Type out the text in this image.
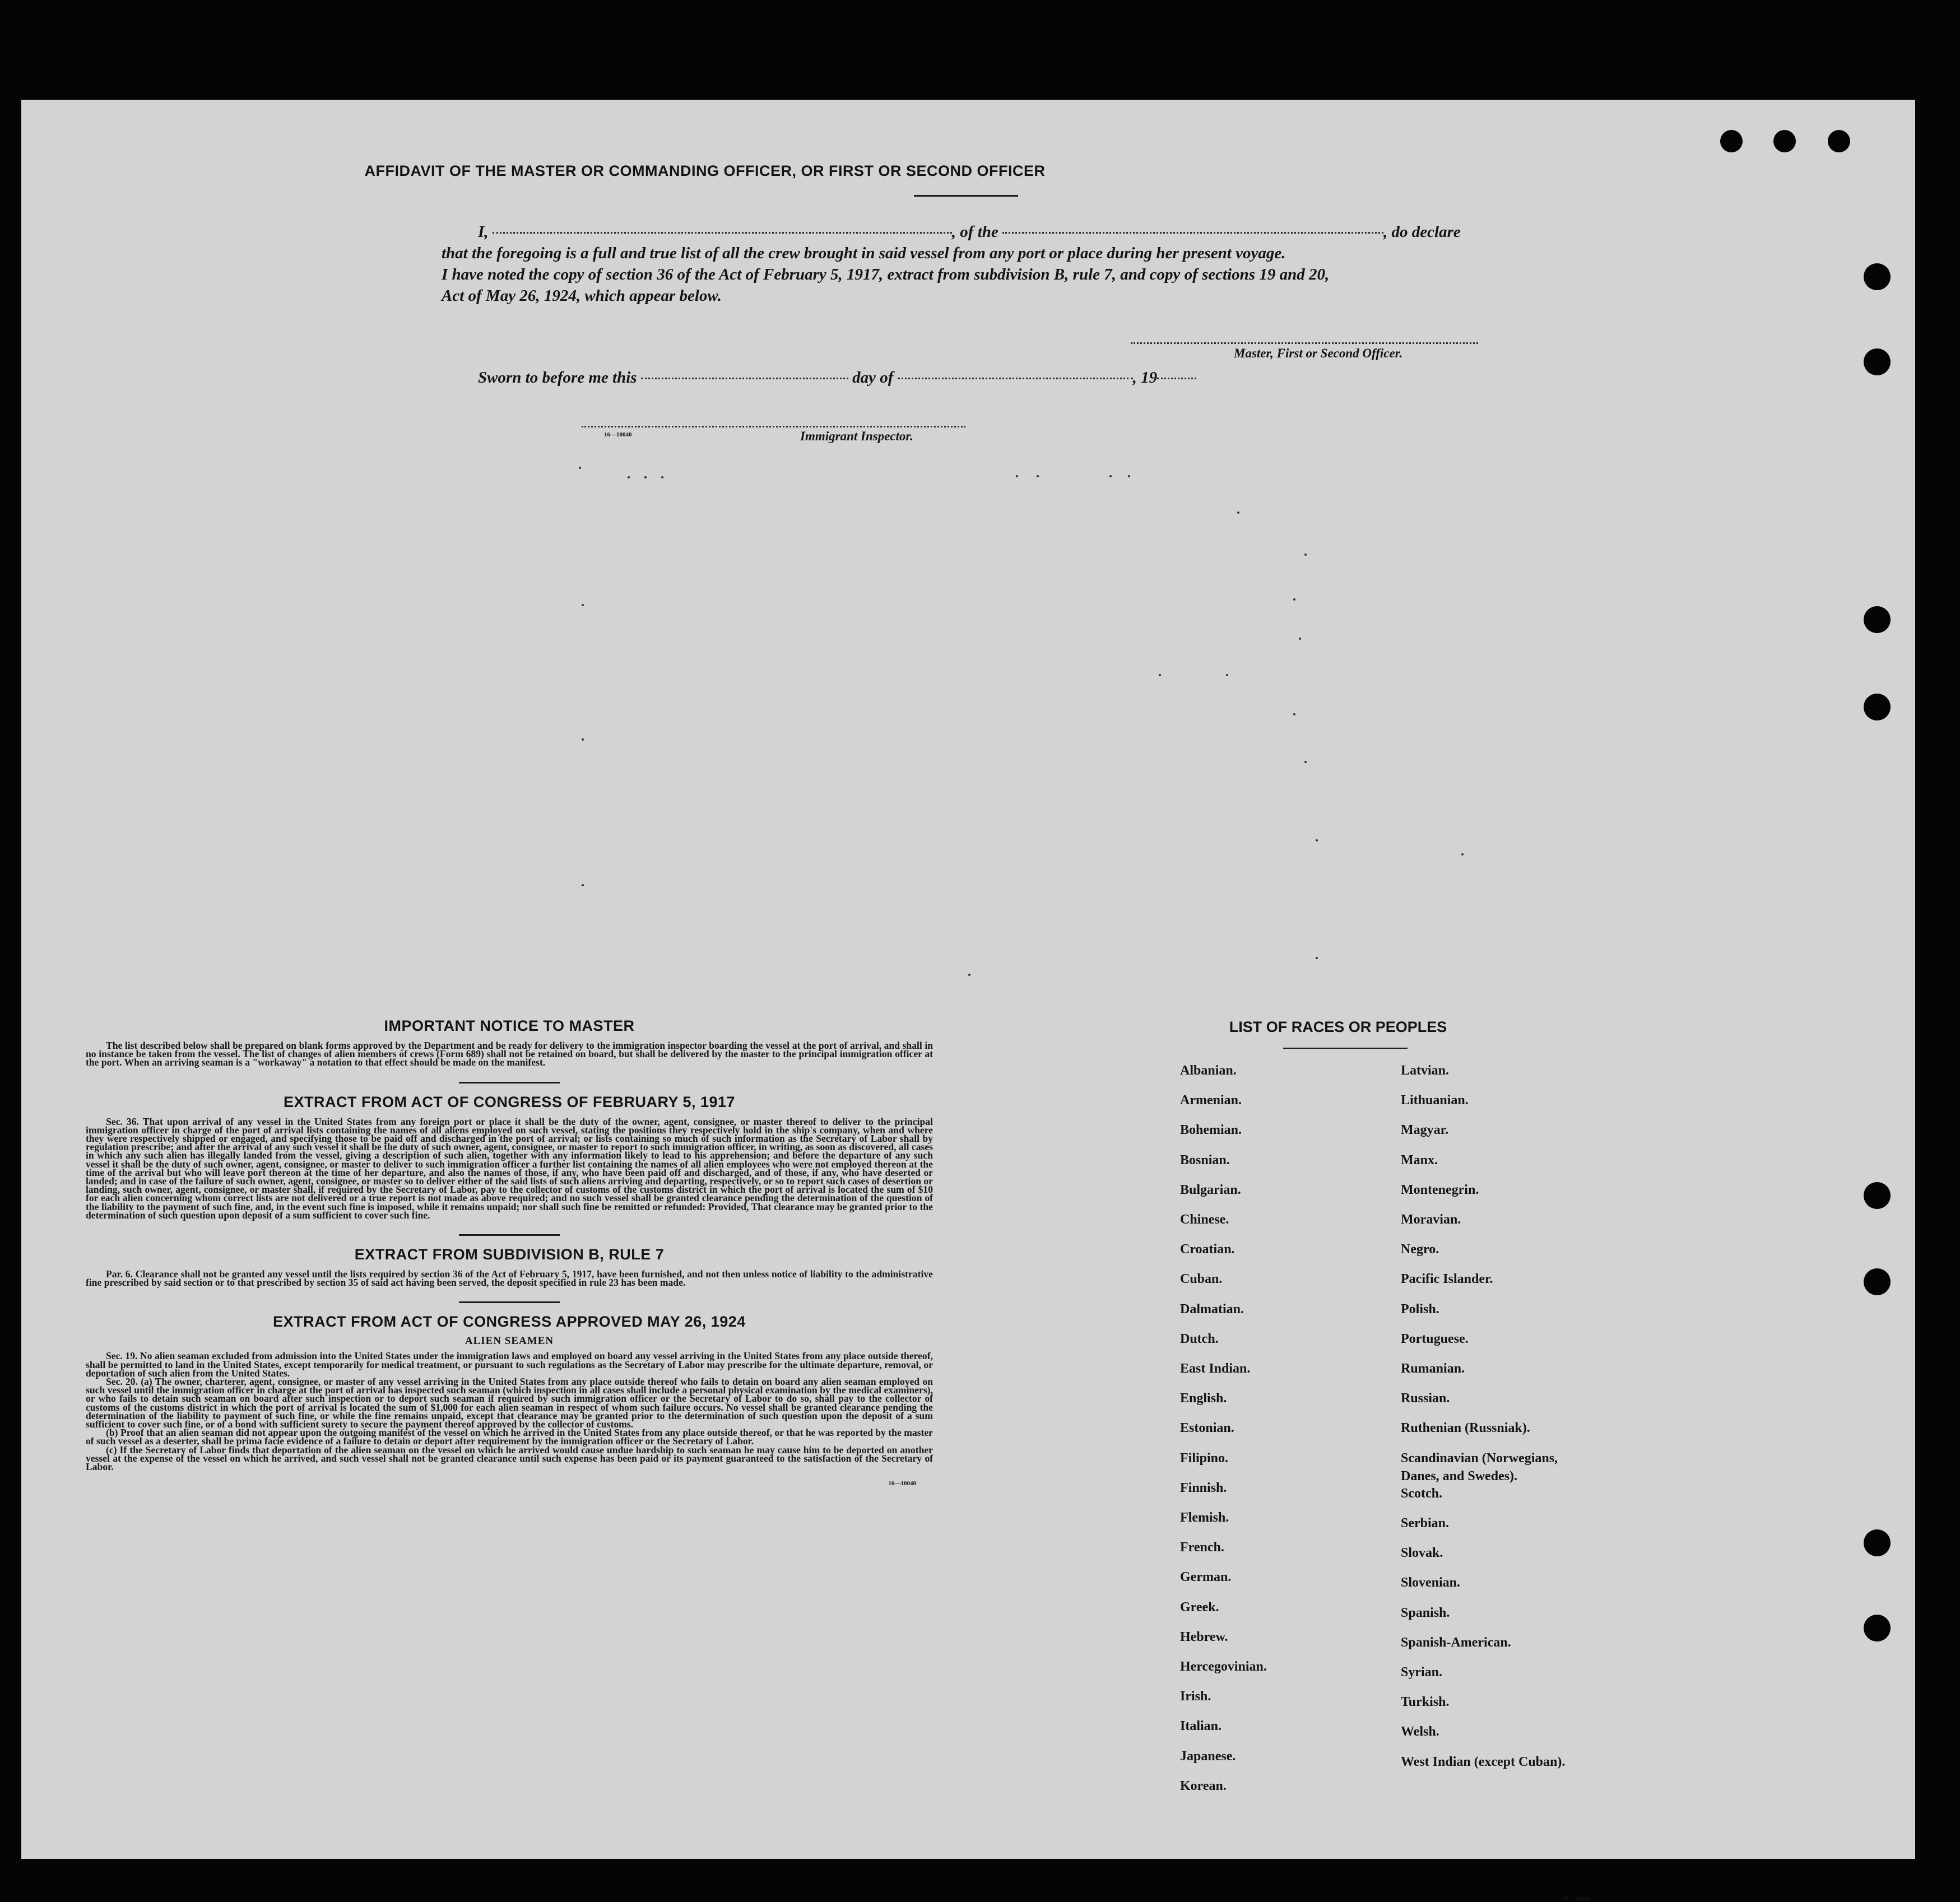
AFFIDAVIT OF THE MASTER OR COMMANDING OFFICER, OR FIRST OR SECOND OFFICER
I,	, of the	, do declare
that the foregoing is a full and true list of all the crew brought in said vessel from any port or place during her present voyage.
I have noted the copy of section 36 of the Act of February 5, 1917, extract from subdivision B, rule 7, and copy of sections 19 and 20,
Act of May 26, 1924, which appear below.
Master, First or Second Officer.
Sworn to before me this	day of	, 19
16—10040	Immigrant Inspector.
IMPORTANT NOTICE TO MASTER

The list described below shall be prepared on blank forms approved by the Department and be ready for delivery to the immigration inspector boarding the vessel at the port of arrival, and shall in no instance be taken from the vessel. The list of changes of alien members of crews (Form 689) shall not be retained on board, but shall be delivered by the master to the principal immigration officer at the port. When an arriving seaman is a "workaway" a notation to that effect should be made on the manifest.

EXTRACT FROM ACT OF CONGRESS OF FEBRUARY 5, 1917

Sec. 36. That upon arrival of any vessel in the United States from any foreign port or place it shall be the duty of the owner, agent, consignee, or master thereof to deliver to the principal immigration officer in charge of the port of arrival lists containing the names of all aliens employed on such vessel, stating the positions they respectively hold in the ship's company, when and where they were respectively shipped or engaged, and specifying those to be paid off and discharged in the port of arrival; or lists containing so much of such information as the Secretary of Labor shall by regulation prescribe; and after the arrival of any such vessel it shall be the duty of such owner, agent, consignee, or master to report to such immigration officer, in writing, as soon as discovered, all cases in which any such alien has illegally landed from the vessel, giving a description of such alien, together with any information likely to lead to his apprehension; and before the departure of any such vessel it shall be the duty of such owner, agent, consignee, or master to deliver to such immigration officer a further list containing the names of all alien employees who were not employed thereon at the time of the arrival but who will leave port thereon at the time of her departure, and also the names of those, if any, who have been paid off and discharged, and of those, if any, who have deserted or landed; and in case of the failure of such owner, agent, consignee, or master so to deliver either of the said lists of such aliens arriving and departing, respectively, or so to report such cases of desertion or landing, such owner, agent, consignee, or master shall, if required by the Secretary of Labor, pay to the collector of customs of the customs district in which the port of arrival is located the sum of $10 for each alien concerning whom correct lists are not delivered or a true report is not made as above required; and no such vessel shall be granted clearance pending the determination of the question of the liability to the payment of such fine, and, in the event such fine is imposed, while it remains unpaid; nor shall such fine be remitted or refunded: Provided, That clearance may be granted prior to the determination of such question upon deposit of a sum sufficient to cover such fine.

EXTRACT FROM SUBDIVISION B, RULE 7

Par. 6. Clearance shall not be granted any vessel until the lists required by section 36 of the Act of February 5, 1917, have been furnished, and not then unless notice of liability to the administrative fine prescribed by said section or to that prescribed by section 35 of said act having been served, the deposit specified in rule 23 has been made.

EXTRACT FROM ACT OF CONGRESS APPROVED MAY 26, 1924
ALIEN SEAMEN

Sec. 19. No alien seaman excluded from admission into the United States under the immigration laws and employed on board any vessel arriving in the United States from any place outside thereof, shall be permitted to land in the United States, except temporarily for medical treatment, or pursuant to such regulations as the Secretary of Labor may prescribe for the ultimate departure, removal, or deportation of such alien from the United States.

Sec. 20. (a) The owner, charterer, agent, consignee, or master of any vessel arriving in the United States from any place outside thereof who fails to detain on board any alien seaman employed on such vessel until the immigration officer in charge at the port of arrival has inspected such seaman (which inspection in all cases shall include a personal physical examination by the medical examiners), or who fails to detain such seaman on board after such inspection or to deport such seaman if required by such immigration officer or the Secretary of Labor to do so, shall pay to the collector of customs of the customs district in which the port of arrival is located the sum of $1,000 for each alien seaman in respect of whom such failure occurs. No vessel shall be granted clearance pending the determination of the liability to payment of such fine, or while the fine remains unpaid, except that clearance may be granted prior to the determination of such question upon the deposit of a sum sufficient to cover such fine, or of a bond with sufficient surety to secure the payment thereof approved by the collector of customs.

(b) Proof that an alien seaman did not appear upon the outgoing manifest of the vessel on which he arrived in the United States from any place outside thereof, or that he was reported by the master of such vessel as a deserter, shall be prima facie evidence of a failure to detain or deport after requirement by the immigration officer or the Secretary of Labor.

(c) If the Secretary of Labor finds that deportation of the alien seaman on the vessel on which he arrived would cause undue hardship to such seaman he may cause him to be deported on another vessel at the expense of the vessel on which he arrived, and such vessel shall not be granted clearance until such expense has been paid or its payment guaranteed to the satisfaction of the Secretary of Labor.

16—10040
LIST OF RACES OR PEOPLES
Albanian.
Armenian.
Bohemian.
Bosnian.
Bulgarian.
Chinese.
Croatian.
Cuban.
Dalmatian.
Dutch.
East Indian.
English.
Estonian.
Filipino.
Finnish.
Flemish.
French.
German.
Greek.
Hebrew.
Hercegovinian.
Irish.
Italian.
Japanese.
Korean.
Latvian.
Lithuanian.
Magyar.
Manx.
Montenegrin.
Moravian.
Negro.
Pacific Islander.
Polish.
Portuguese.
Rumanian.
Russian.
Ruthenian (Russniak).
Scandinavian (Norwegians,
Danes, and Swedes).
Scotch.
Serbian.
Slovak.
Slovenian.
Spanish.
Spanish-American.
Syrian.
Turkish.
Welsh.
West Indian (except Cuban).
16—10040
